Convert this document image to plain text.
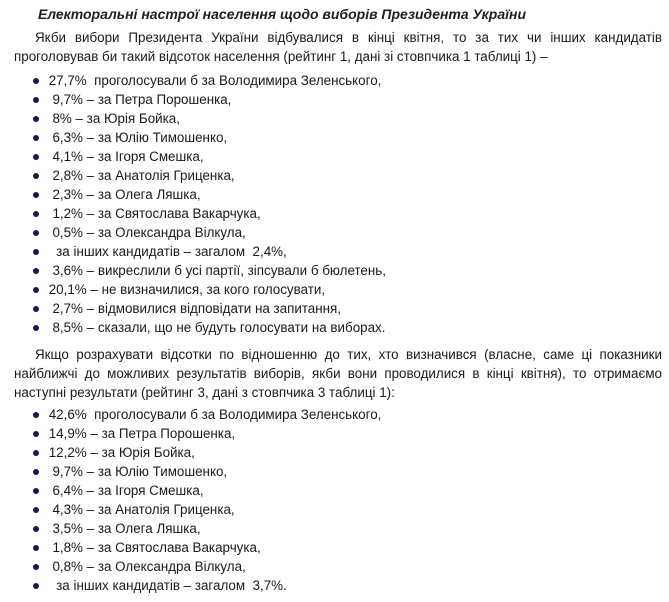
Електоральні настрої населення щодо виборів Президента України

Якби вибори Президента України відбувалися в кінці квітня, то за тих чи інших кандидатів проголовував би такий відсоток населення (рейтинг 1, дані зі стовпчика 1 таблиці 1) –

27,7%  проголосували б за Володимира Зеленського,
9,7% – за Петра Порошенка,
8% – за Юрія Бойка,
6,3% – за Юлію Тимошенко,
4,1% – за Ігоря Смешка,
2,8% – за Анатолія Гриценка,
2,3% – за Олега Ляшка,
1,2% – за Святослава Вакарчука,
0,5% – за Олександра Вілкула,
за інших кандидатів – загалом  2,4%,
3,6% – викреслили б усі партії, зіпсували б бюлетень,
20,1% – не визначилися, за кого голосувати,
2,7% – відмовилися відповідати на запитання,
8,5% – сказали, що не будуть голосувати на виборах.

Якщо розрахувати відсотки по відношенню до тих, хто визначився (власне, саме ці показники найближчі до можливих результатів виборів, якби вони проводилися в кінці квітня), то отримаємо наступні результати (рейтинг 3, дані з стовпчика 3 таблиці 1):

42,6%  проголосували б за Володимира Зеленського,
14,9% – за Петра Порошенка,
12,2% – за Юрія Бойка,
9,7% – за Юлію Тимошенко,
6,4% – за Ігоря Смешка,
4,3% – за Анатолія Гриценка,
3,5% – за Олега Ляшка,
1,8% – за Святослава Вакарчука,
0,8% – за Олександра Вілкула,
за інших кандидатів – загалом  3,7%.
